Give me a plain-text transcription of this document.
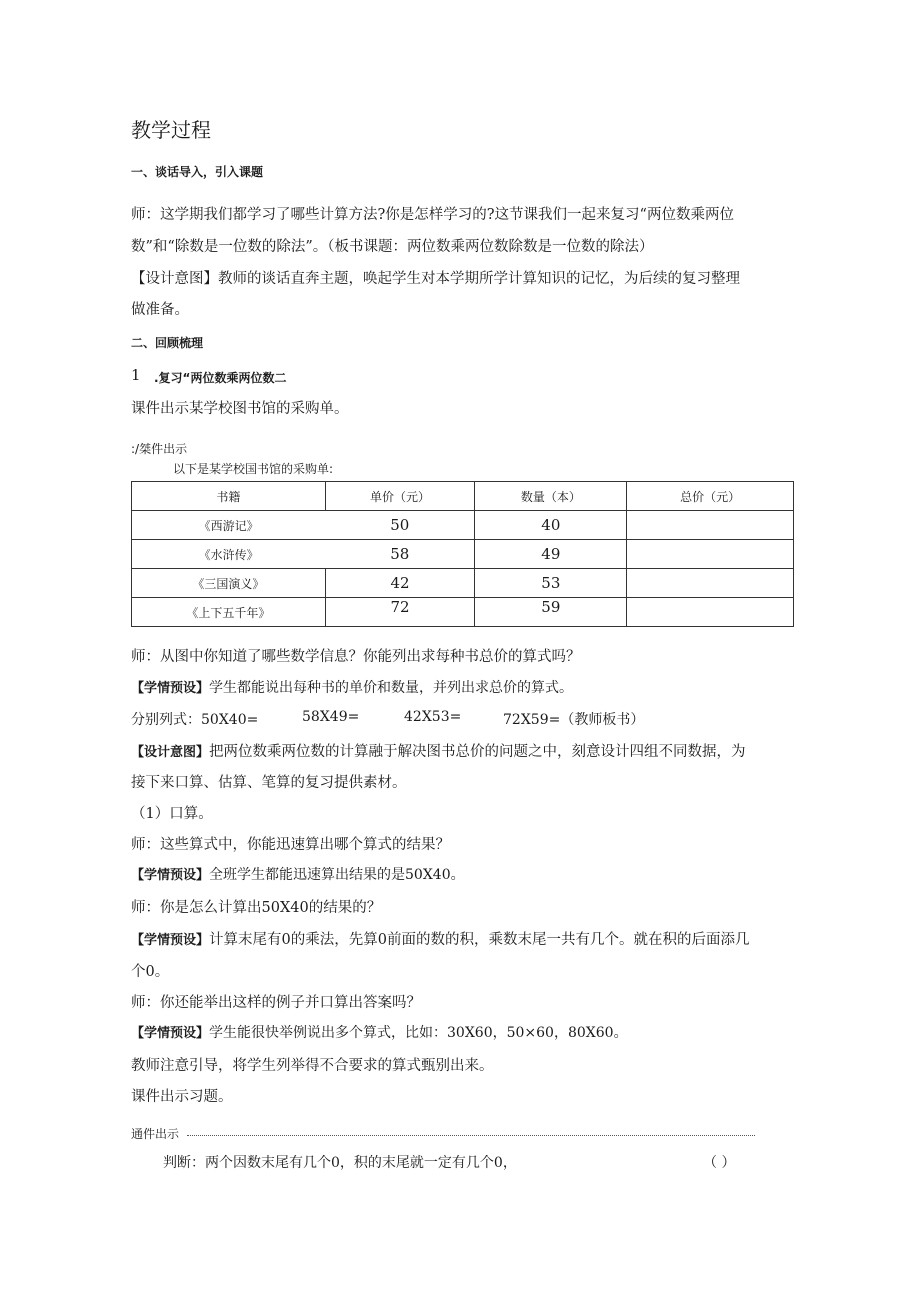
教学过程
一、谈话导入，引入课题
师：这学期我们都学习了哪些计算方法?你是怎样学习的?这节课我们一起来复习“两位数乘两位
数”和“除数是一位数的除法”。（板书课题：两位数乘两位数除数是一位数的除法）
【设计意图】教师的谈话直奔主题，唤起学生对本学期所学计算知识的记忆，为后续的复习整理
做准备。
二、回顾梳理
1 .复习“两位数乘两位数二
课件出示某学校图书馆的采购单。
:/桀件出示
以下是某学校国书馆的采购单:
书籍	单价（元）	数量（本）	总价（元）
《西游记》	50	40	
《水浒传》	58	49	
《三国演义》	42	53	
《上下五千年》	72	59	
师：从图中你知道了哪些数学信息？你能列出求每种书总价的算式吗？
【学情预设】学生都能说出每种书的单价和数量，并列出求总价的算式。
分别列式：50X40=	58X49=	42X53=	72X59=（教师板书）
【设计意图】把两位数乘两位数的计算融于解决图书总价的问题之中，刻意设计四组不同数据，为
接下来口算、估算、笔算的复习提供素材。
（1）口算。
师：这些算式中，你能迅速算出哪个算式的结果？
【学情预设】全班学生都能迅速算出结果的是50X40。
师：你是怎么计算出50X40的结果的？
【学情预设】计算末尾有0的乘法，先算0前面的数的积，乘数末尾一共有几个。就在积的后面添几
个0。
师：你还能举出这样的例子并口算出答案吗？
【学情预设】学生能很快举例说出多个算式，比如：30X60，50×60，80X60。
教师注意引导，将学生列举得不合要求的算式甄别出来。
课件出示习题。
通件出示
判断：两个因数末尾有几个0，积的末尾就一定有几个0，	（ ）
